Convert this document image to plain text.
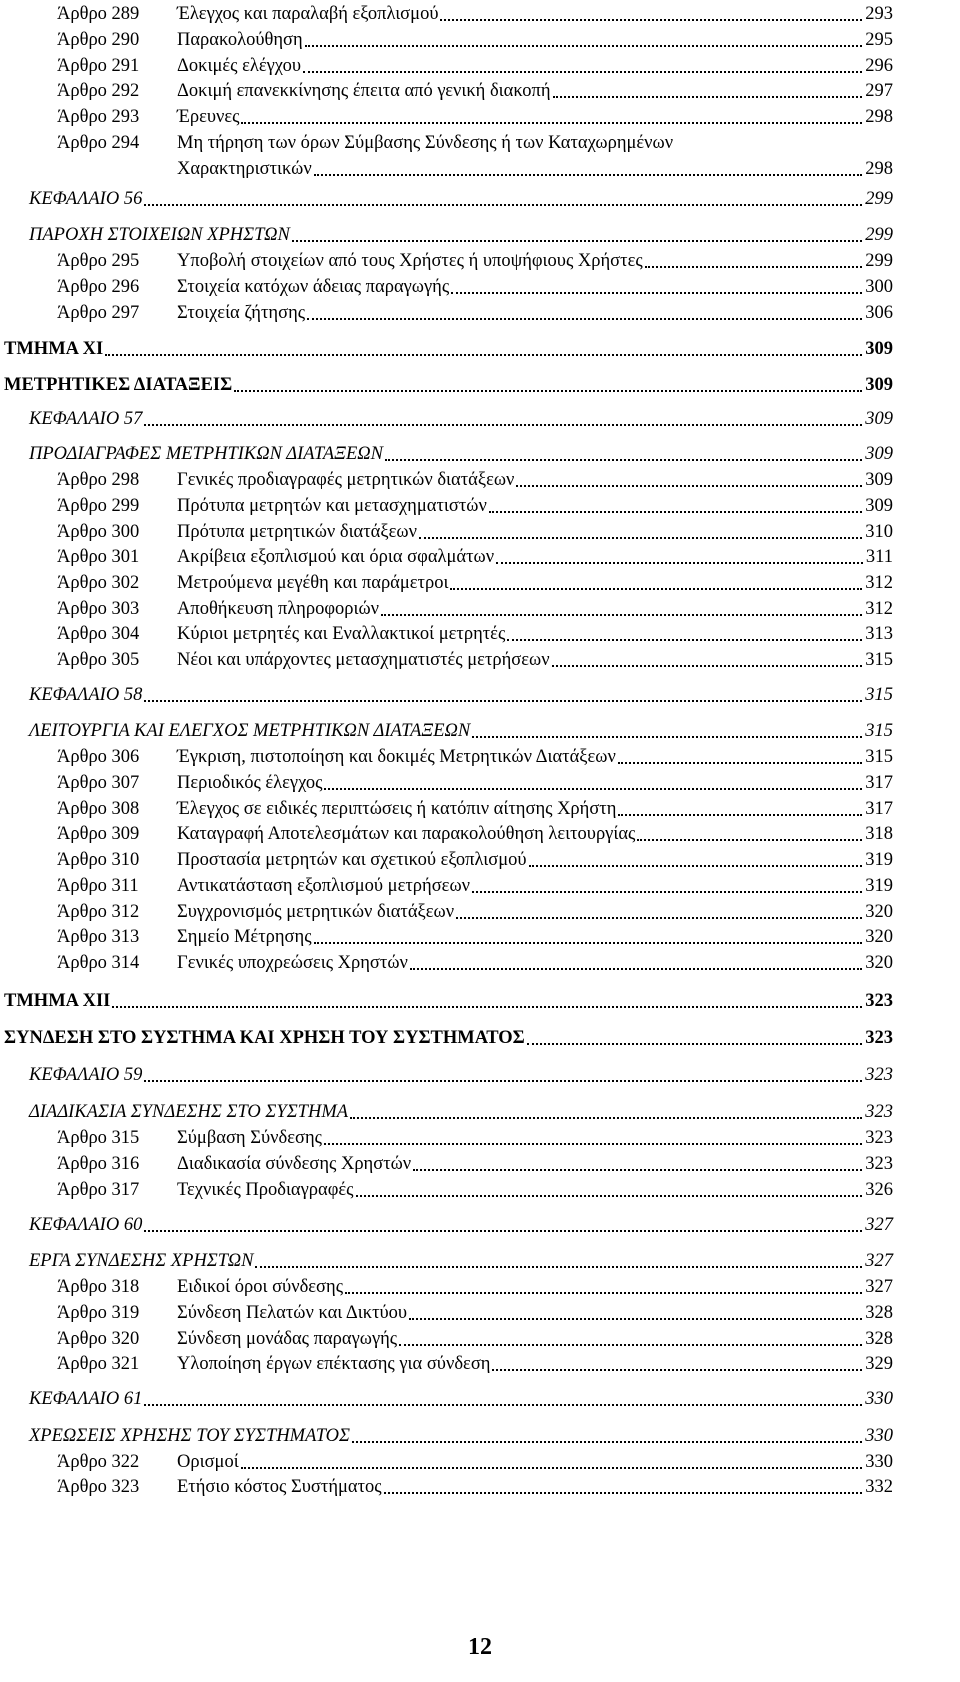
Άρθρο 289 Έλεγχος και παραλαβή εξοπλισμού	293
Άρθρο 290 Παρακολούθηση	295
Άρθρο 291 Δοκιμές ελέγχου	296
Άρθρο 292 Δοκιμή επανεκκίνησης έπειτα από γενική διακοπή	297
Άρθρο 293 Έρευνες	298
Άρθρο 294 Μη τήρηση των όρων Σύμβασης Σύνδεσης ή των Καταχωρημένων
Χαρακτηριστικών	298
ΚΕΦΑΛΑΙΟ 56	299
ΠΑΡΟΧΗ ΣΤΟΙΧΕΙΩΝ ΧΡΗΣΤΩΝ	299
Άρθρο 295 Υποβολή στοιχείων από τους Χρήστες ή υποψήφιους Χρήστες	299
Άρθρο 296 Στοιχεία κατόχων άδειας παραγωγής	300
Άρθρο 297 Στοιχεία ζήτησης	306
ΤΜΗΜΑ ΧΙ	309
ΜΕΤΡΗΤΙΚΕΣ ΔΙΑΤΑΞΕΙΣ	309
ΚΕΦΑΛΑΙΟ 57	309
ΠΡΟΔΙΑΓΡΑΦΕΣ ΜΕΤΡΗΤΙΚΩΝ ΔΙΑΤΑΞΕΩΝ	309
Άρθρο 298 Γενικές προδιαγραφές μετρητικών διατάξεων	309
Άρθρο 299 Πρότυπα μετρητών και μετασχηματιστών	309
Άρθρο 300 Πρότυπα μετρητικών διατάξεων	310
Άρθρο 301 Ακρίβεια εξοπλισμού και όρια σφαλμάτων	311
Άρθρο 302 Μετρούμενα μεγέθη και παράμετροι	312
Άρθρο 303 Αποθήκευση πληροφοριών	312
Άρθρο 304 Κύριοι μετρητές και Εναλλακτικοί μετρητές	313
Άρθρο 305 Νέοι και υπάρχοντες μετασχηματιστές μετρήσεων	315
ΚΕΦΑΛΑΙΟ 58	315
ΛΕΙΤΟΥΡΓΙΑ ΚΑΙ ΕΛΕΓΧΟΣ ΜΕΤΡΗΤΙΚΩΝ ΔΙΑΤΑΞΕΩΝ	315
Άρθρο 306 Έγκριση, πιστοποίηση και δοκιμές Μετρητικών Διατάξεων	315
Άρθρο 307 Περιοδικός έλεγχος	317
Άρθρο 308 Έλεγχος σε ειδικές περιπτώσεις ή κατόπιν αίτησης Χρήστη	317
Άρθρο 309 Καταγραφή Αποτελεσμάτων και παρακολούθηση λειτουργίας	318
Άρθρο 310 Προστασία μετρητών και σχετικού εξοπλισμού	319
Άρθρο 311 Αντικατάσταση εξοπλισμού μετρήσεων	319
Άρθρο 312 Συγχρονισμός μετρητικών διατάξεων	320
Άρθρο 313 Σημείο Μέτρησης	320
Άρθρο 314 Γενικές υποχρεώσεις Χρηστών	320
ΤΜΗΜΑ ΧΙΙ	323
ΣΥΝΔΕΣΗ ΣΤΟ ΣΥΣΤΗΜΑ ΚΑΙ ΧΡΗΣΗ ΤΟΥ ΣΥΣΤΗΜΑΤΟΣ	323
ΚΕΦΑΛΑΙΟ 59	323
ΔΙΑΔΙΚΑΣΙΑ ΣΥΝΔΕΣΗΣ ΣΤΟ ΣΥΣΤΗΜΑ	323
Άρθρο 315 Σύμβαση Σύνδεσης	323
Άρθρο 316 Διαδικασία σύνδεσης Χρηστών	323
Άρθρο 317 Τεχνικές Προδιαγραφές	326
ΚΕΦΑΛΑΙΟ 60	327
ΕΡΓΑ ΣΥΝΔΕΣΗΣ ΧΡΗΣΤΩΝ	327
Άρθρο 318 Ειδικοί όροι σύνδεσης	327
Άρθρο 319 Σύνδεση Πελατών και Δικτύου	328
Άρθρο 320 Σύνδεση μονάδας παραγωγής	328
Άρθρο 321 Υλοποίηση έργων επέκτασης για σύνδεση	329
ΚΕΦΑΛΑΙΟ 61	330
ΧΡΕΩΣΕΙΣ ΧΡΗΣΗΣ ΤΟΥ ΣΥΣΤΗΜΑΤΟΣ	330
Άρθρο 322 Ορισμοί	330
Άρθρο 323 Ετήσιο κόστος Συστήματος	332
12
